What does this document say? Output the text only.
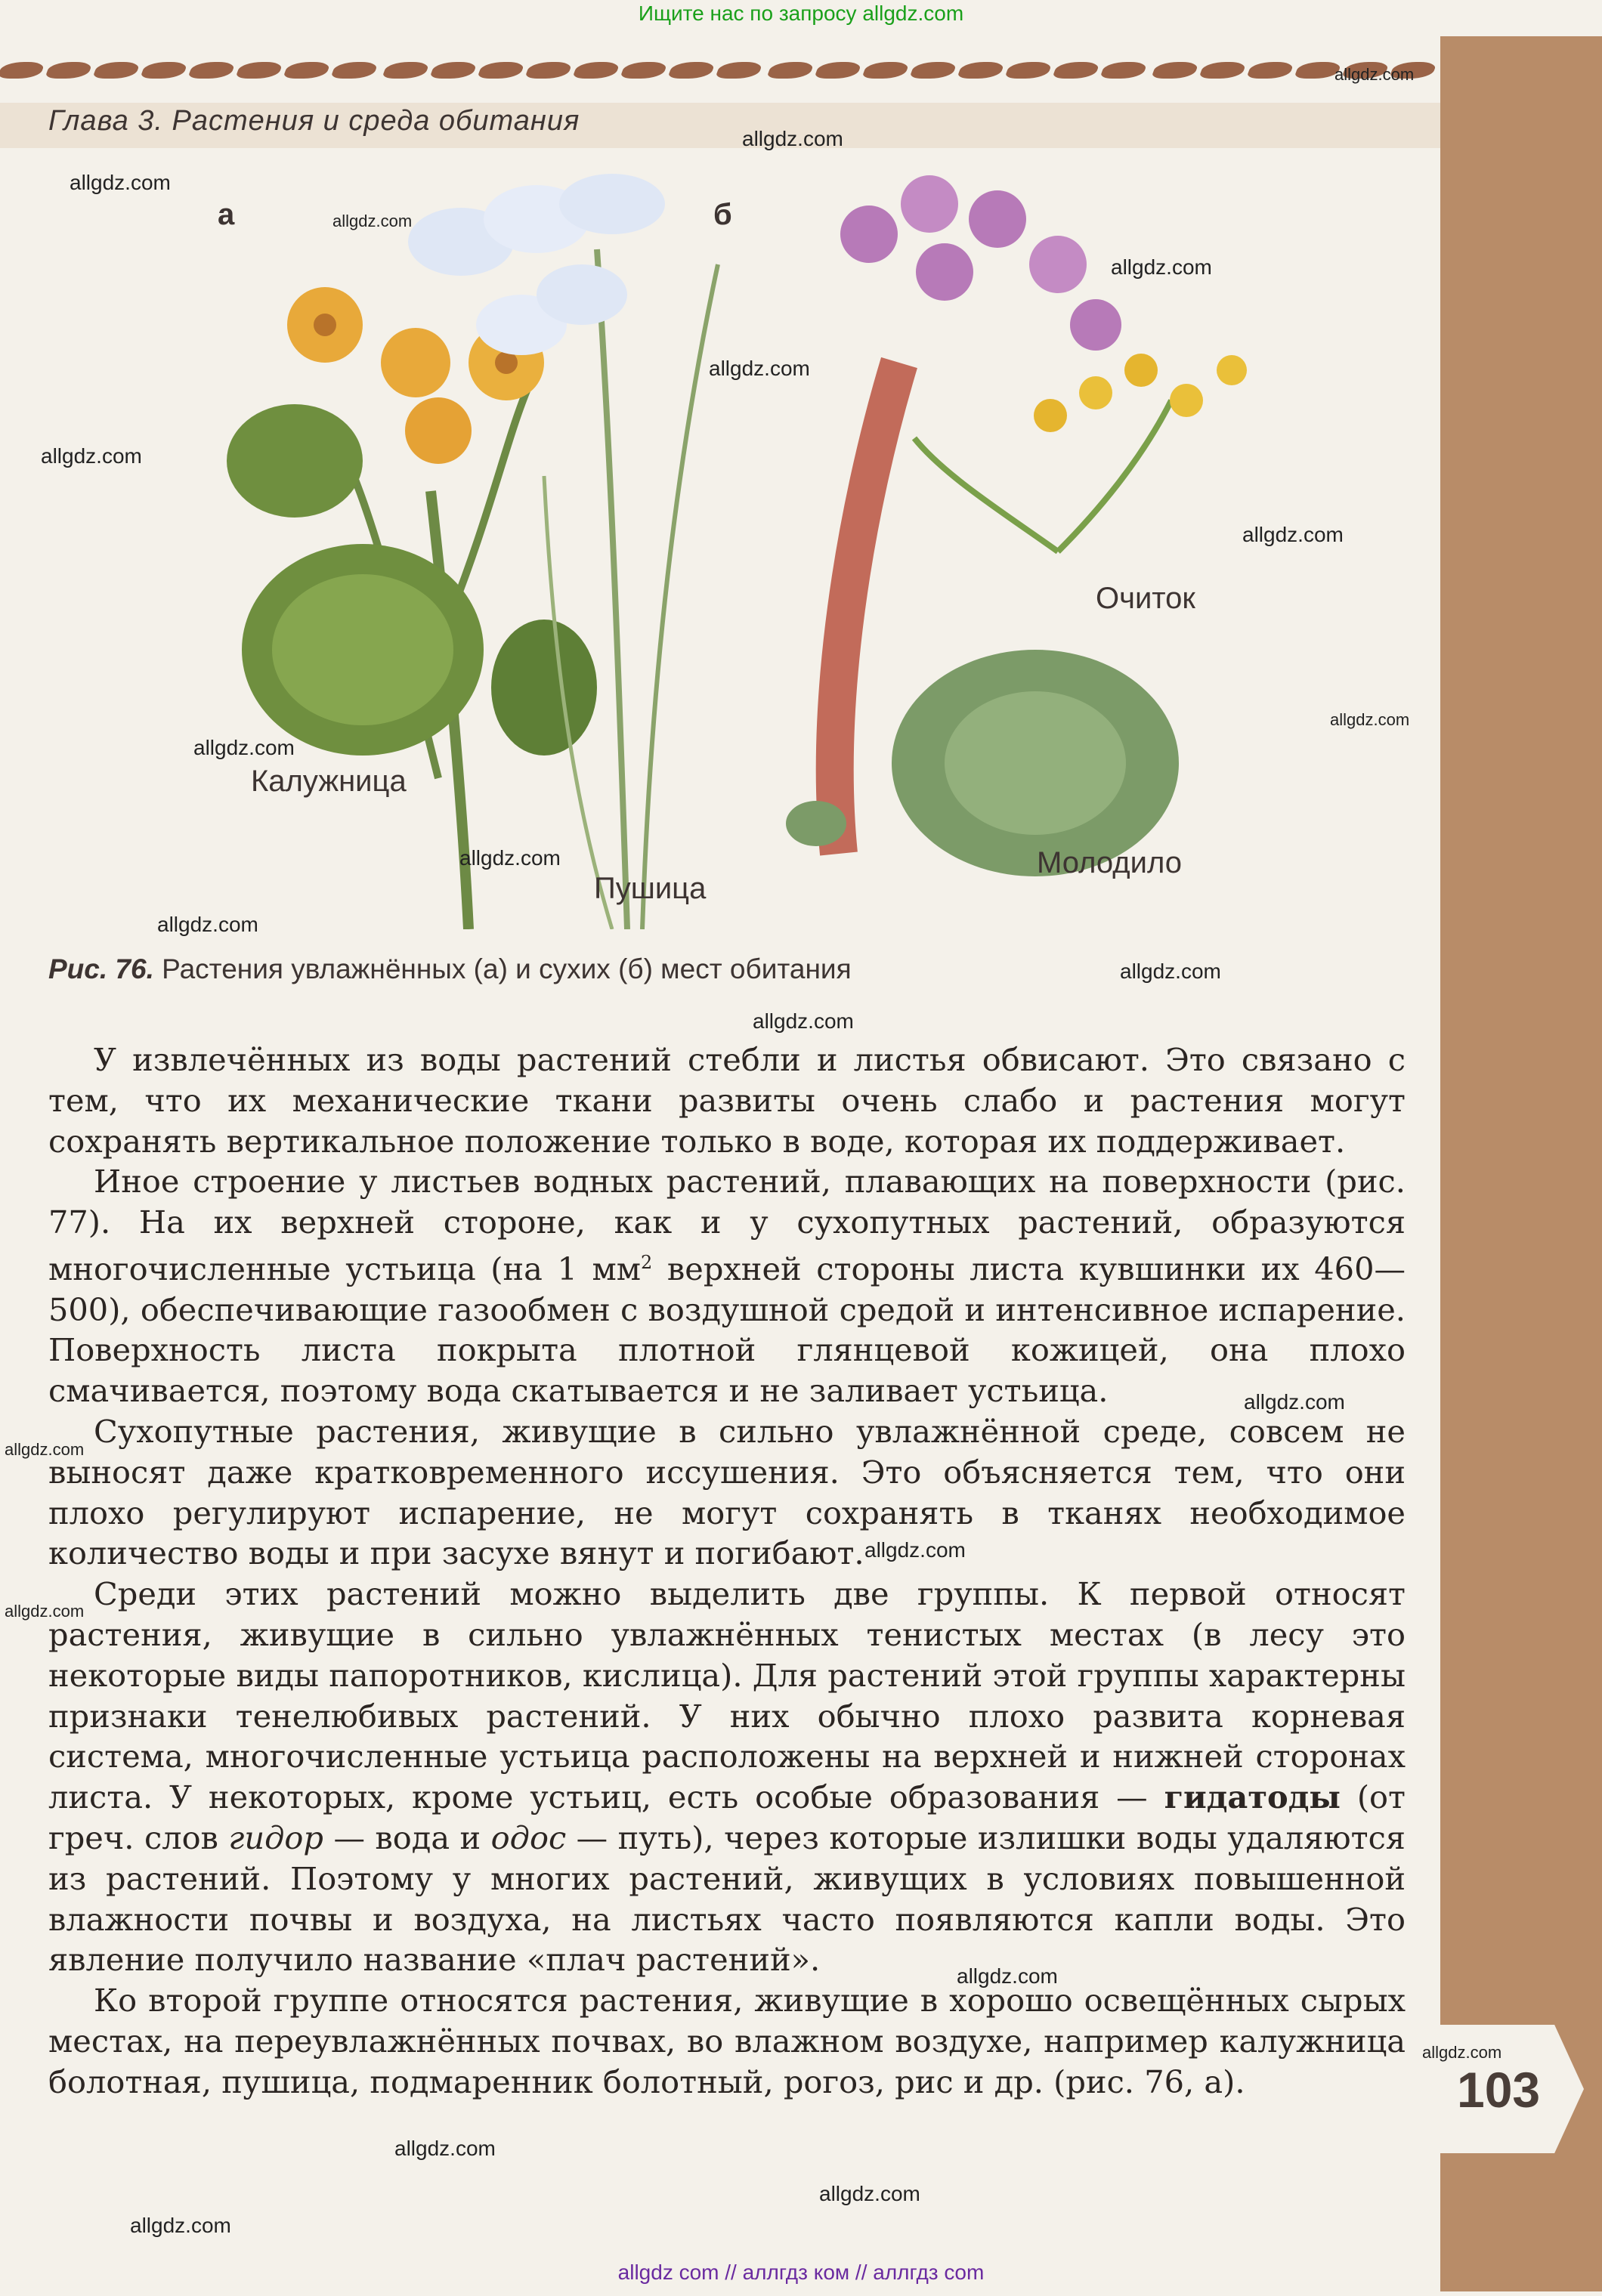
Ищите нас по запросу allgdz.com

Глава 3. Растения и среда обитания
а	б
Калужница
Пушица
Очиток
Молодило
Рис. 76. Растения увлажнённых (а) и сухих (б) мест обитания

У извлечённых из воды растений стебли и листья обвисают. Это связано с тем, что их механические ткани развиты очень слабо и растения могут сохранять вертикальное положение только в воде, которая их поддерживает.

Иное строение у листьев водных растений, плавающих на поверхности (рис. 77). На их верхней стороне, как и у сухопутных растений, образуются многочисленные устьица (на 1 $мм^2$ верхней стороны листа кувшинки их 460—500), обеспечивающие газообмен с воздушной средой и интенсивное испарение. Поверхность листа покрыта плотной глянцевой кожицей, она плохо смачивается, поэтому вода скатывается и не заливает устьица.

Сухопутные растения, живущие в сильно увлажнённой среде, совсем не выносят даже кратковременного иссушения. Это объясняется тем, что они плохо регулируют испарение, не могут сохранять в тканях необходимое количество воды и при засухе вянут и погибают.

Среди этих растений можно выделить две группы. К первой относят растения, живущие в сильно увлажнённых тенистых местах (в лесу это некоторые виды папоротников, кислица). Для растений этой группы характерны признаки тенелюбивых растений. У них обычно плохо развита корневая система, многочисленные устьица расположены на верхней и нижней сторонах листа. У некоторых, кроме устьиц, есть особые образования — гидатоды (от греч. слов гидор — вода и одос — путь), через которые излишки воды удаляются из растений. Поэтому у многих растений, живущих в условиях повышенной влажности почвы и воздуха, на листьях часто появляются капли воды. Это явление получило название «плач растений».

Ко второй группе относятся растения, живущие в хорошо освещённых сырых местах, на переувлажнённых почвах, во влажном воздухе, например калужница болотная, пушица, подмаренник болотный, рогоз, рис и др. (рис. 76, а).	103
allgdz.com
allgdz.com
allgdz.com
allgdz.com
allgdz.com
allgdz.com
allgdz.com
allgdz.com
allgdz.com
allgdz.com
allgdz.com
allgdz.com
allgdz.com
allgdz.com
allgdz.com
allgdz.com
allgdz.com
allgdz.com
allgdz.com
allgdz.com
allgdz.com
allgdz.com
allgdz.com
allgdz com // аллгдз ком // аллгдз com
